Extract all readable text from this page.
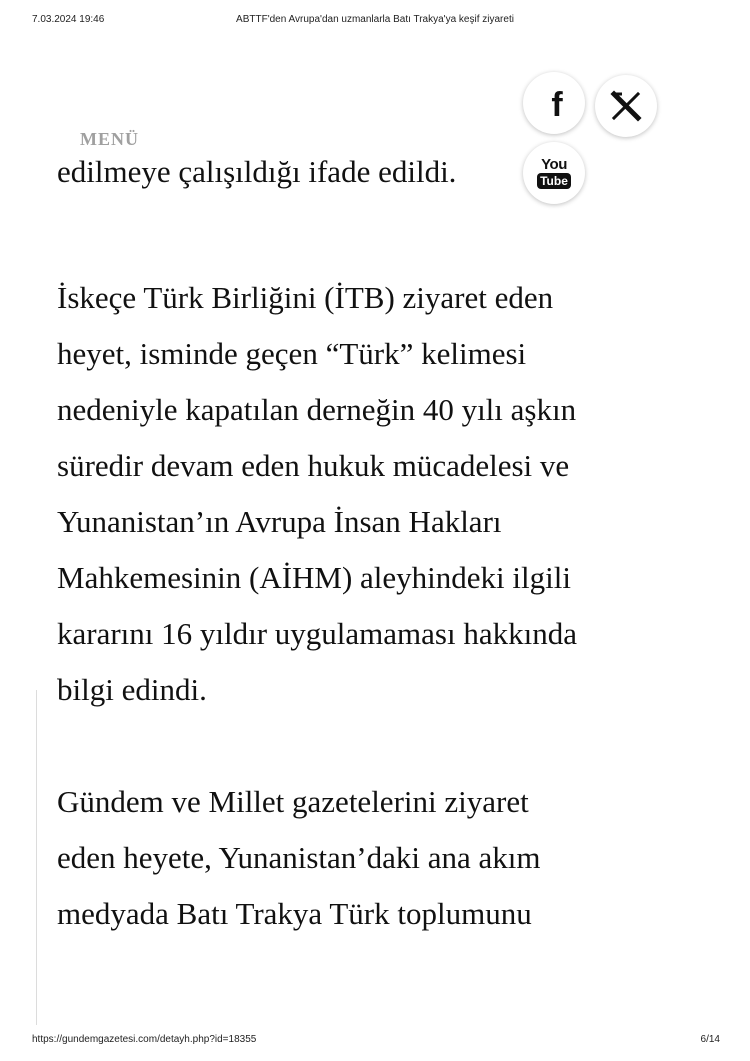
7.03.2024 19:46	ABTTF'den Avrupa'dan uzmanlarla Batı Trakya'ya keşif ziyareti
edilmeye çalışıldığı ifade edildi.
MENÜ
f
You
Tube

İskeçe Türk Birliğini (İTB) ziyaret eden
heyet, isminde geçen “Türk” kelimesi
nedeniyle kapatılan derneğin 40 yılı aşkın
süredir devam eden hukuk mücadelesi ve
Yunanistan’ın Avrupa İnsan Hakları
Mahkemesinin (AİHM) aleyhindeki ilgili
kararını 16 yıldır uygulamaması hakkında
bilgi edindi.

Gündem ve Millet gazetelerini ziyaret
eden heyete, Yunanistan’daki ana akım
medyada Batı Trakya Türk toplumunu

https://gundemgazetesi.com/detayh.php?id=18355	6/14
